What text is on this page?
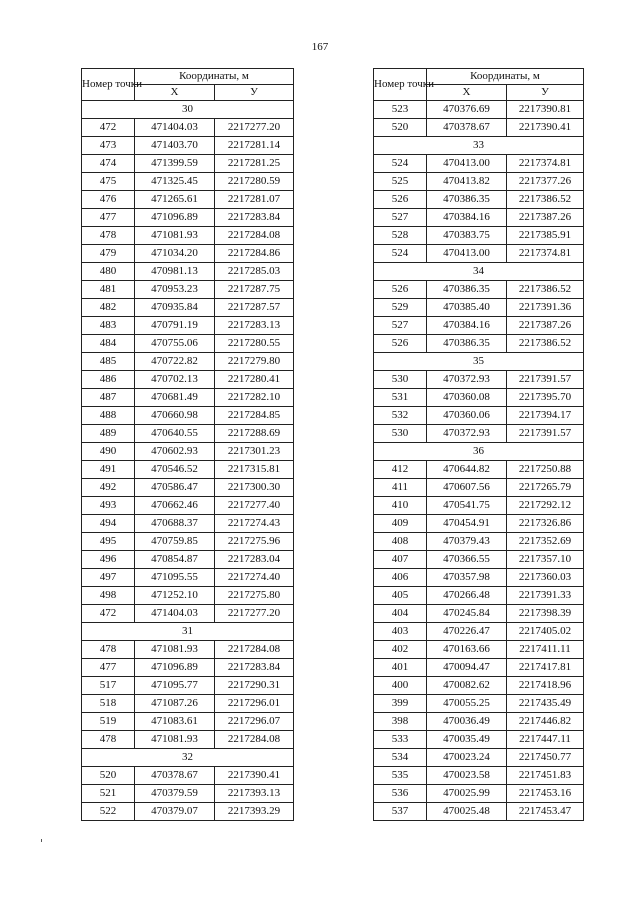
167
Номер точки	Координаты, м	
	Х	У
30		
472	471404.03	2217277.20
473	471403.70	2217281.14
474	471399.59	2217281.25
475	471325.45	2217280.59
476	471265.61	2217281.07
477	471096.89	2217283.84
478	471081.93	2217284.08
479	471034.20	2217284.86
480	470981.13	2217285.03
481	470953.23	2217287.75
482	470935.84	2217287.57
483	470791.19	2217283.13
484	470755.06	2217280.55
485	470722.82	2217279.80
486	470702.13	2217280.41
487	470681.49	2217282.10
488	470660.98	2217284.85
489	470640.55	2217288.69
490	470602.93	2217301.23
491	470546.52	2217315.81
492	470586.47	2217300.30
493	470662.46	2217277.40
494	470688.37	2217274.43
495	470759.85	2217275.96
496	470854.87	2217283.04
497	471095.55	2217274.40
498	471252.10	2217275.80
472	471404.03	2217277.20
31		
478	471081.93	2217284.08
477	471096.89	2217283.84
517	471095.77	2217290.31
518	471087.26	2217296.01
519	471083.61	2217296.07
478	471081.93	2217284.08
32		
520	470378.67	2217390.41
521	470379.59	2217393.13
522	470379.07	2217393.29
Номер точки	Координаты, м	
	Х	У
523	470376.69	2217390.81
520	470378.67	2217390.41
33		
524	470413.00	2217374.81
525	470413.82	2217377.26
526	470386.35	2217386.52
527	470384.16	2217387.26
528	470383.75	2217385.91
524	470413.00	2217374.81
34		
526	470386.35	2217386.52
529	470385.40	2217391.36
527	470384.16	2217387.26
526	470386.35	2217386.52
35		
530	470372.93	2217391.57
531	470360.08	2217395.70
532	470360.06	2217394.17
530	470372.93	2217391.57
36		
412	470644.82	2217250.88
411	470607.56	2217265.79
410	470541.75	2217292.12
409	470454.91	2217326.86
408	470379.43	2217352.69
407	470366.55	2217357.10
406	470357.98	2217360.03
405	470266.48	2217391.33
404	470245.84	2217398.39
403	470226.47	2217405.02
402	470163.66	2217411.11
401	470094.47	2217417.81
400	470082.62	2217418.96
399	470055.25	2217435.49
398	470036.49	2217446.82
533	470035.49	2217447.11
534	470023.24	2217450.77
535	470023.58	2217451.83
536	470025.99	2217453.16
537	470025.48	2217453.47
